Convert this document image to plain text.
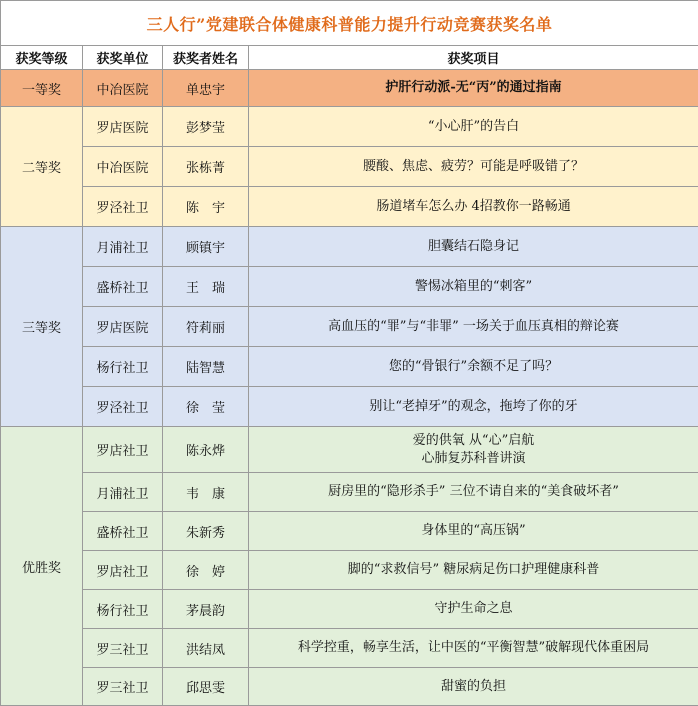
三人行”党建联合体健康科普能力提升行动竞赛获奖名单			
获奖等级	获奖单位	获奖者姓名	获奖项目
一等奖	中冶医院	单忠宇	护肝行动派-无“丙”的通过指南
二等奖	罗店医院	彭梦莹	“小心肝”的告白
	中冶医院	张栋菁	腰酸、焦虑、疲劳？可能是呼吸错了？
	罗泾社卫	陈　宇	肠道堵车怎么办 4招教你一路畅通
三等奖	月浦社卫	顾镇宇	胆囊结石隐身记
	盛桥社卫	王　瑞	警惕冰箱里的“刺客”
	罗店医院	符莉丽	高血压的“罪”与“非罪” 一场关于血压真相的辩论赛
	杨行社卫	陆智慧	您的“骨银行”余额不足了吗？
	罗泾社卫	徐　莹	别让“老掉牙”的观念，拖垮了你的牙
优胜奖	罗店社卫	陈永烨	爱的供氧 从“心”启航
心肺复苏科普讲演

	月浦社卫	韦　康	厨房里的“隐形杀手” 三位不请自来的“美食破坏者”
	盛桥社卫	朱新秀	身体里的“高压锅”
	罗店社卫	徐　婷	脚的“求救信号” 糖尿病足伤口护理健康科普
	杨行社卫	茅晨韵	守护生命之息
	罗三社卫	洪结凤	科学控重，畅享生活，让中医的“平衡智慧”破解现代体重困局
	罗三社卫	邱思雯	甜蜜的负担
